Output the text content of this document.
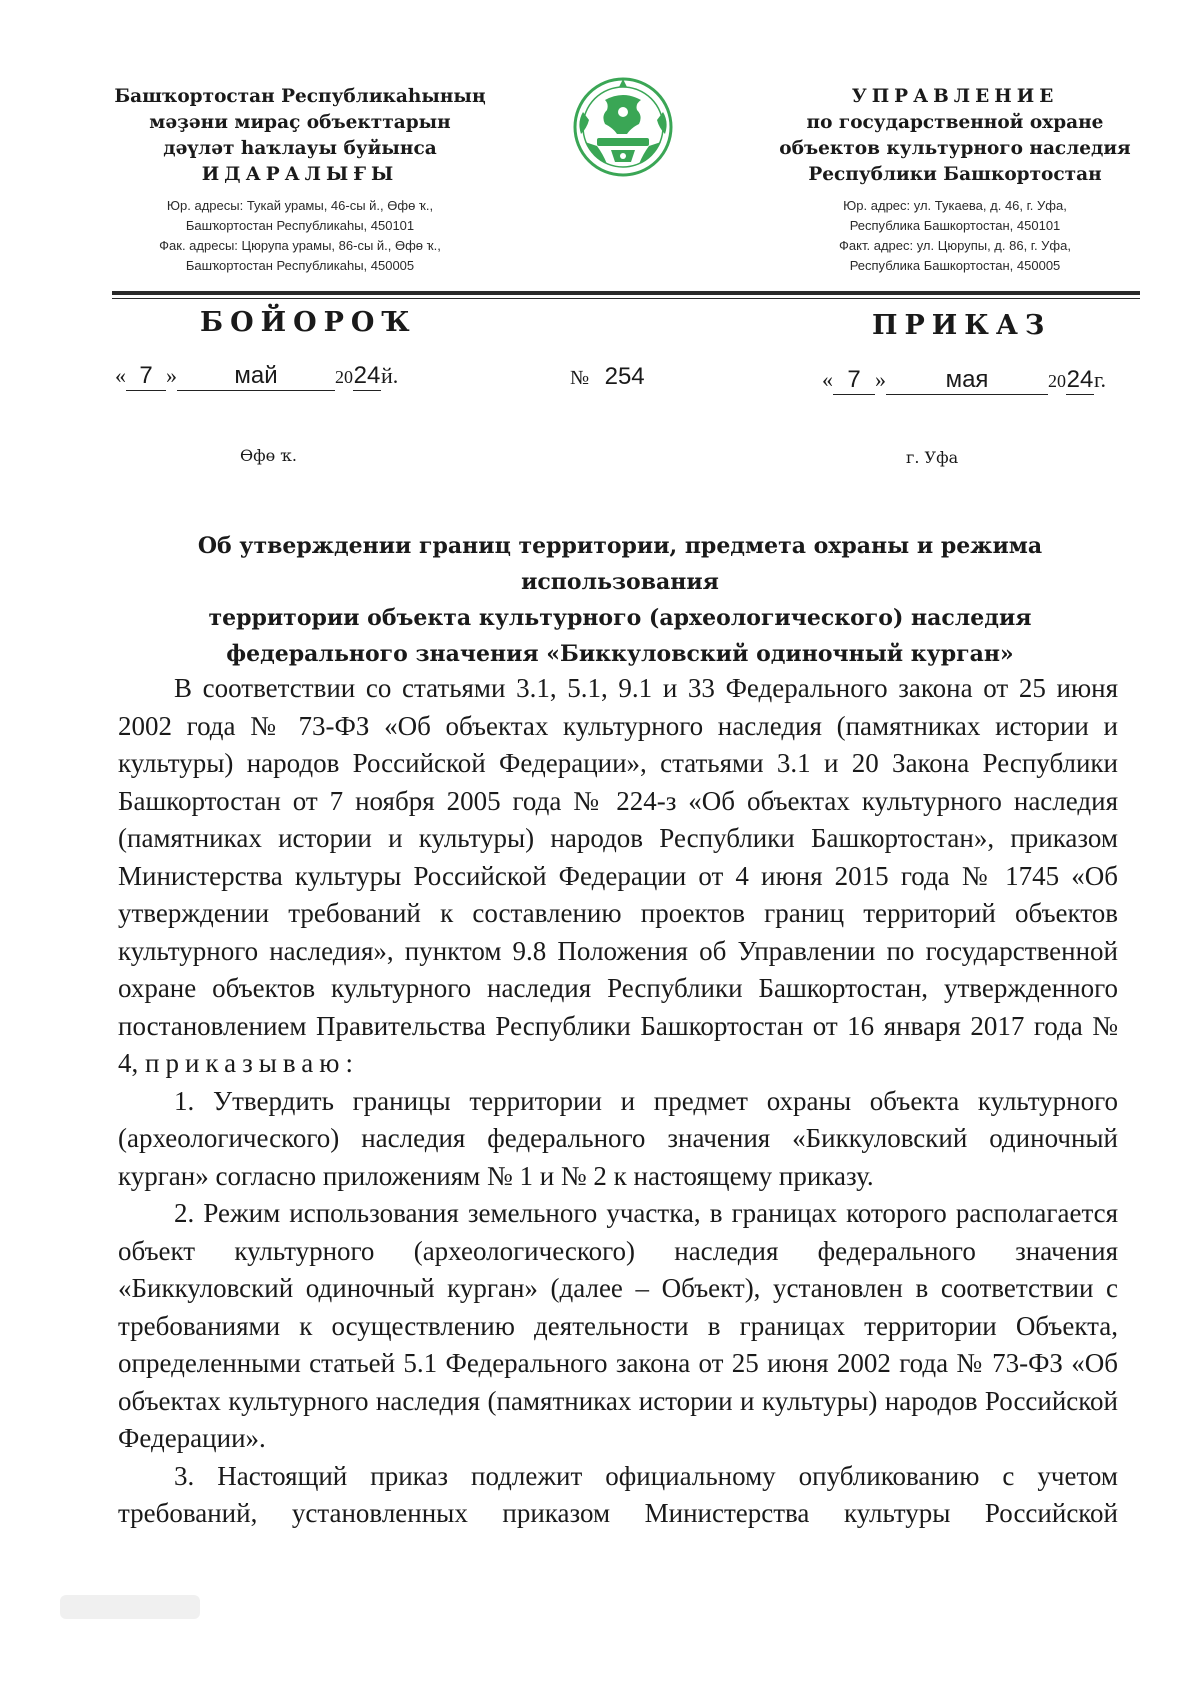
Башҡортостан Республикаһының
мәҙәни мираҫ объекттарын
дәүләт һаҡлауы буйынса
ИДАРАЛЫҒЫ
Юр. адресы: Тукай урамы, 46-сы й., Өфө ҡ.,
Башҡортостан Республикаһы, 450101
Фак. адресы: Цюрупа урамы, 86-сы й., Өфө ҡ.,
Башҡортостан Республикаһы, 450005
УПРАВЛЕНИЕ
по государственной охране
объектов культурного наследия
Республики Башкортостан
Юр. адрес: ул. Тукаева, д. 46, г. Уфа,
Республика Башкортостан, 450101
Факт. адрес: ул. Цюрупы, д. 86, г. Уфа,
Республика Башкортостан, 450005
БОЙОРОҠ	ПРИКАЗ
« 7 » май	2024й.	№ 254	« 7 » мая	2024г.
Өфө ҡ.	г. Уфа
Об утверждении границ территории, предмета охраны и режима использования
территории объекта культурного (археологического) наследия
федерального значения «Биккуловский одиночный курган»

В соответствии со статьями 3.1, 5.1, 9.1 и 33 Федерального закона от 25 июня 2002 года № 73-ФЗ «Об объектах культурного наследия (памятниках истории и культуры) народов Российской Федерации», статьями 3.1 и 20 Закона Республики Башкортостан от 7 ноября 2005 года № 224-з «Об объектах культурного наследия (памятниках истории и культуры) народов Республики Башкортостан», приказом Министерства культуры Российской Федерации от 4 июня 2015 года № 1745 «Об утверждении требований к составлению проектов границ территорий объектов культурного наследия», пунктом 9.8 Положения об Управлении по государственной охране объектов культурного наследия Республики Башкортостан, утвержденного постановлением Правительства Республики Башкортостан от 16 января 2017 года № 4, приказываю:

1. Утвердить границы территории и предмет охраны объекта культурного (археологического) наследия федерального значения «Биккуловский одиночный курган» согласно приложениям № 1 и № 2 к настоящему приказу.

2. Режим использования земельного участка, в границах которого располагается объект культурного (археологического) наследия федерального значения «Биккуловский одиночный курган» (далее – Объект), установлен в соответствии с требованиями к осуществлению деятельности в границах территории Объекта, определенными статьей 5.1 Федерального закона от 25 июня 2002 года № 73-ФЗ «Об объектах культурного наследия (памятниках истории и культуры) народов Российской Федерации».

3. Настоящий приказ подлежит официальному опубликованию с учетом требований, установленных приказом Министерства культуры Российской
